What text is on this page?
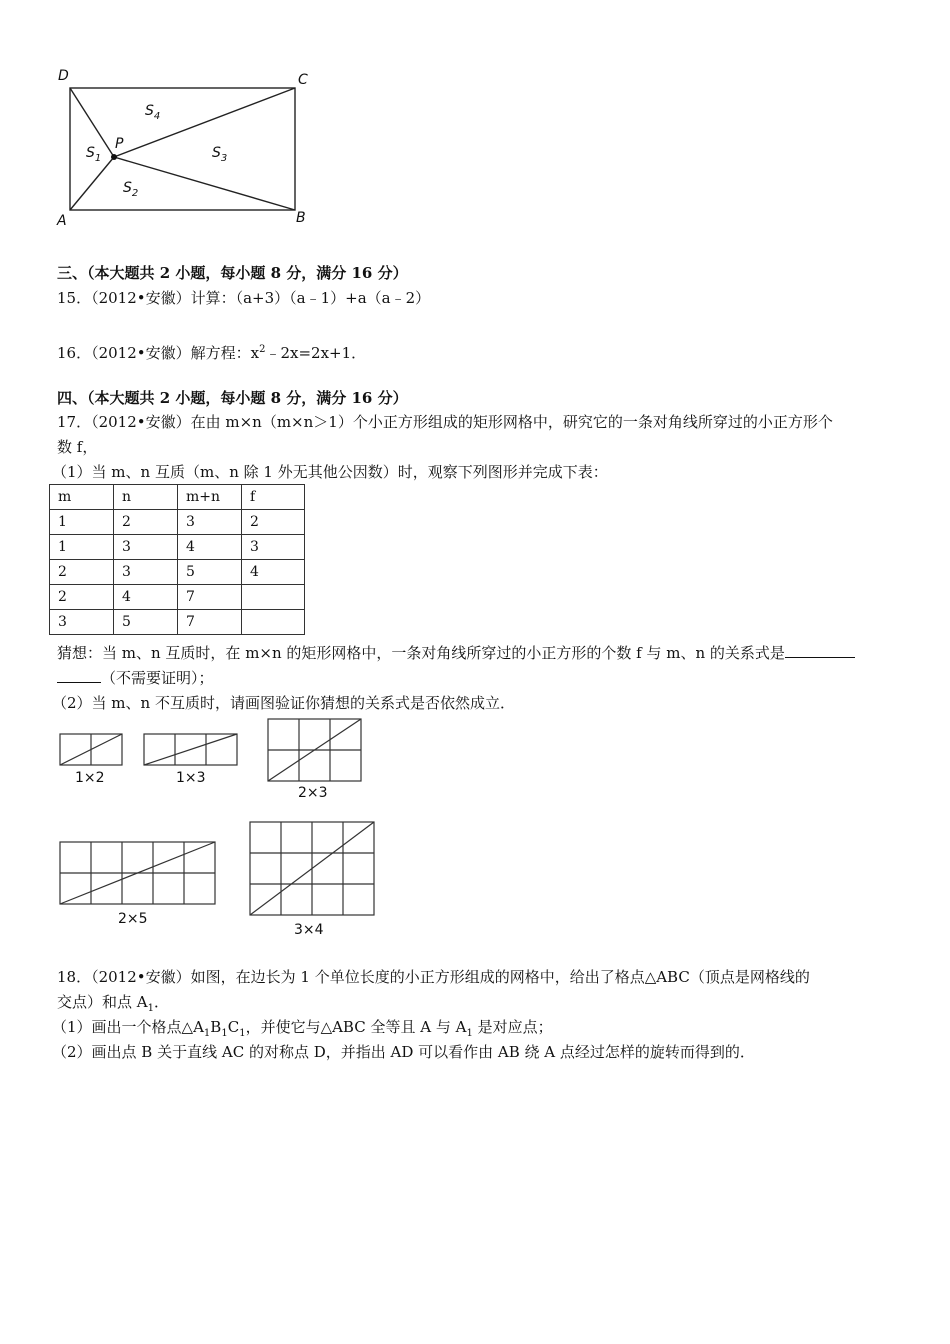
D	C
A	B
P
$S_1$
$S_2$
$S_3$
$S_4$
三、（本大题共 2 小题，每小题 8 分，满分 16 分）
15．（2012•安徽）计算：（a+3）（a﹣1）+a（a﹣2）
16．（2012•安徽）解方程：$x^2﹣2x=2x+1$．
四、（本大题共 2 小题，每小题 8 分，满分 16 分）
17．（2012•安徽）在由 m×n（m×n＞1）个小正方形组成的矩形网格中，研究它的一条对角线所穿过的小正方形个
数 f，
（1）当 m、n 互质（m、n 除 1 外无其他公因数）时，观察下列图形并完成下表：
m	n	m+n	f
1	2	3	2
1	3	4	3
2	3	5	4
2	4	7	
3	5	7	
猜想：当 m、n 互质时，在 m×n 的矩形网格中，一条对角线所穿过的小正方形的个数 f 与 m、n 的关系式是
（不需要证明）；
（2）当 m、n 不互质时，请画图验证你猜想的关系式是否依然成立．
1×2	1×3
2×3
2×5
3×4
18．（2012•安徽）如图，在边长为 1 个单位长度的小正方形组成的网格中，给出了格点△ABC（顶点是网格线的
交点）和点 $A_1$．
（1）画出一个格点$\triangle A_1B_1C_1$，并使它与△ABC 全等且 A 与 $A_1$ 是对应点；
（2）画出点 B 关于直线 AC 的对称点 D，并指出 AD 可以看作由 AB 绕 A 点经过怎样的旋转而得到的．
